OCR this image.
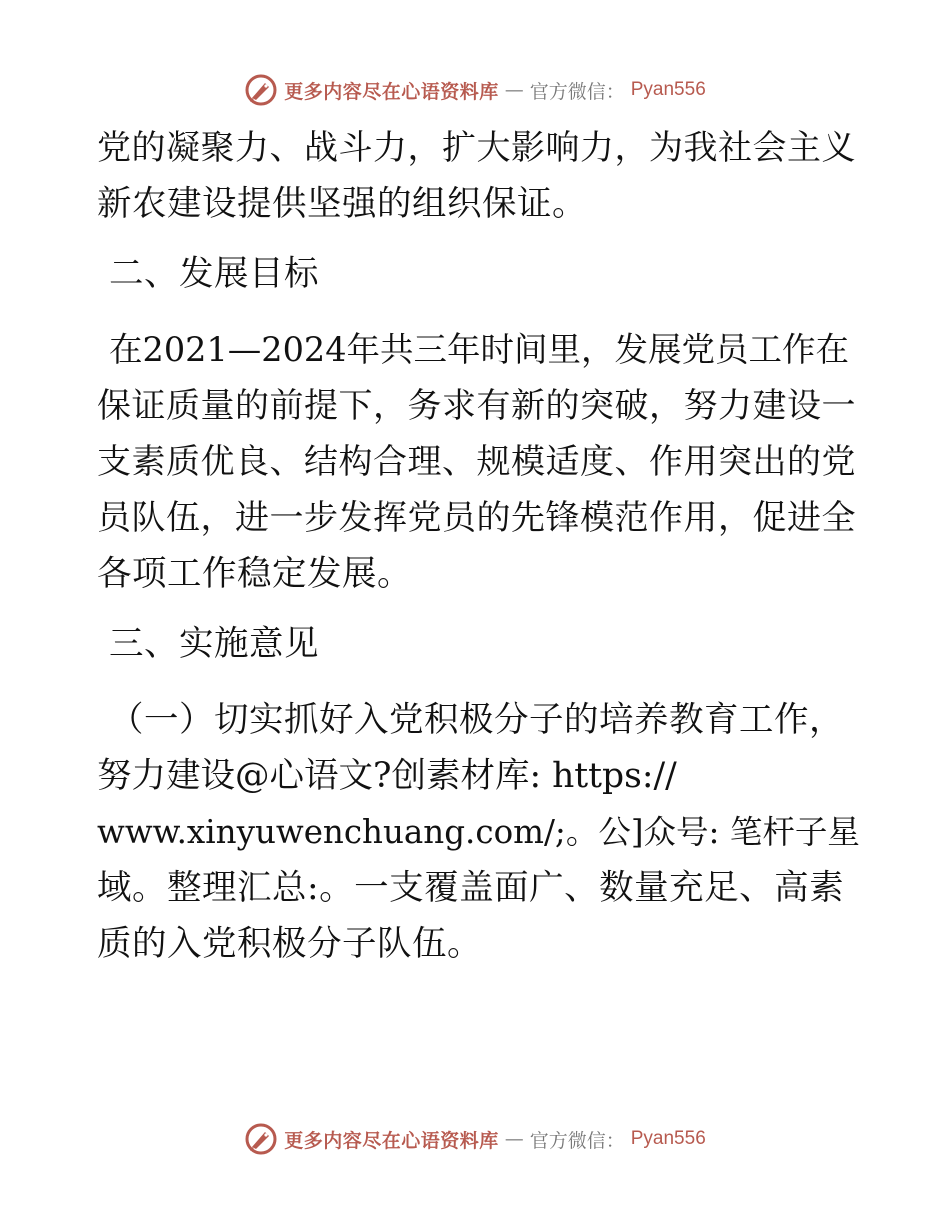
更多内容尽在心语资料库 — 官方微信： Pyan556
党的凝聚力、战斗力，扩大影响力，为我社会主义
新农建设提供坚强的组织保证。
二、发展目标
在2021—2024年共三年时间里，发展党员工作在
保证质量的前提下，务求有新的突破，努力建设一
支素质优良、结构合理、规模适度、作用突出的党
员队伍，进一步发挥党员的先锋模范作用，促进全
各项工作稳定发展。
三、实施意见
（一）切实抓好入党积极分子的培养教育工作，
努力建设@心语文?创素材库: https://
www.xinyuwenchuang.com/;。公]众号: 笔杆子星
域。整理汇总:。一支覆盖面广、数量充足、高素
质的入党积极分子队伍。
更多内容尽在心语资料库 — 官方微信： Pyan556
